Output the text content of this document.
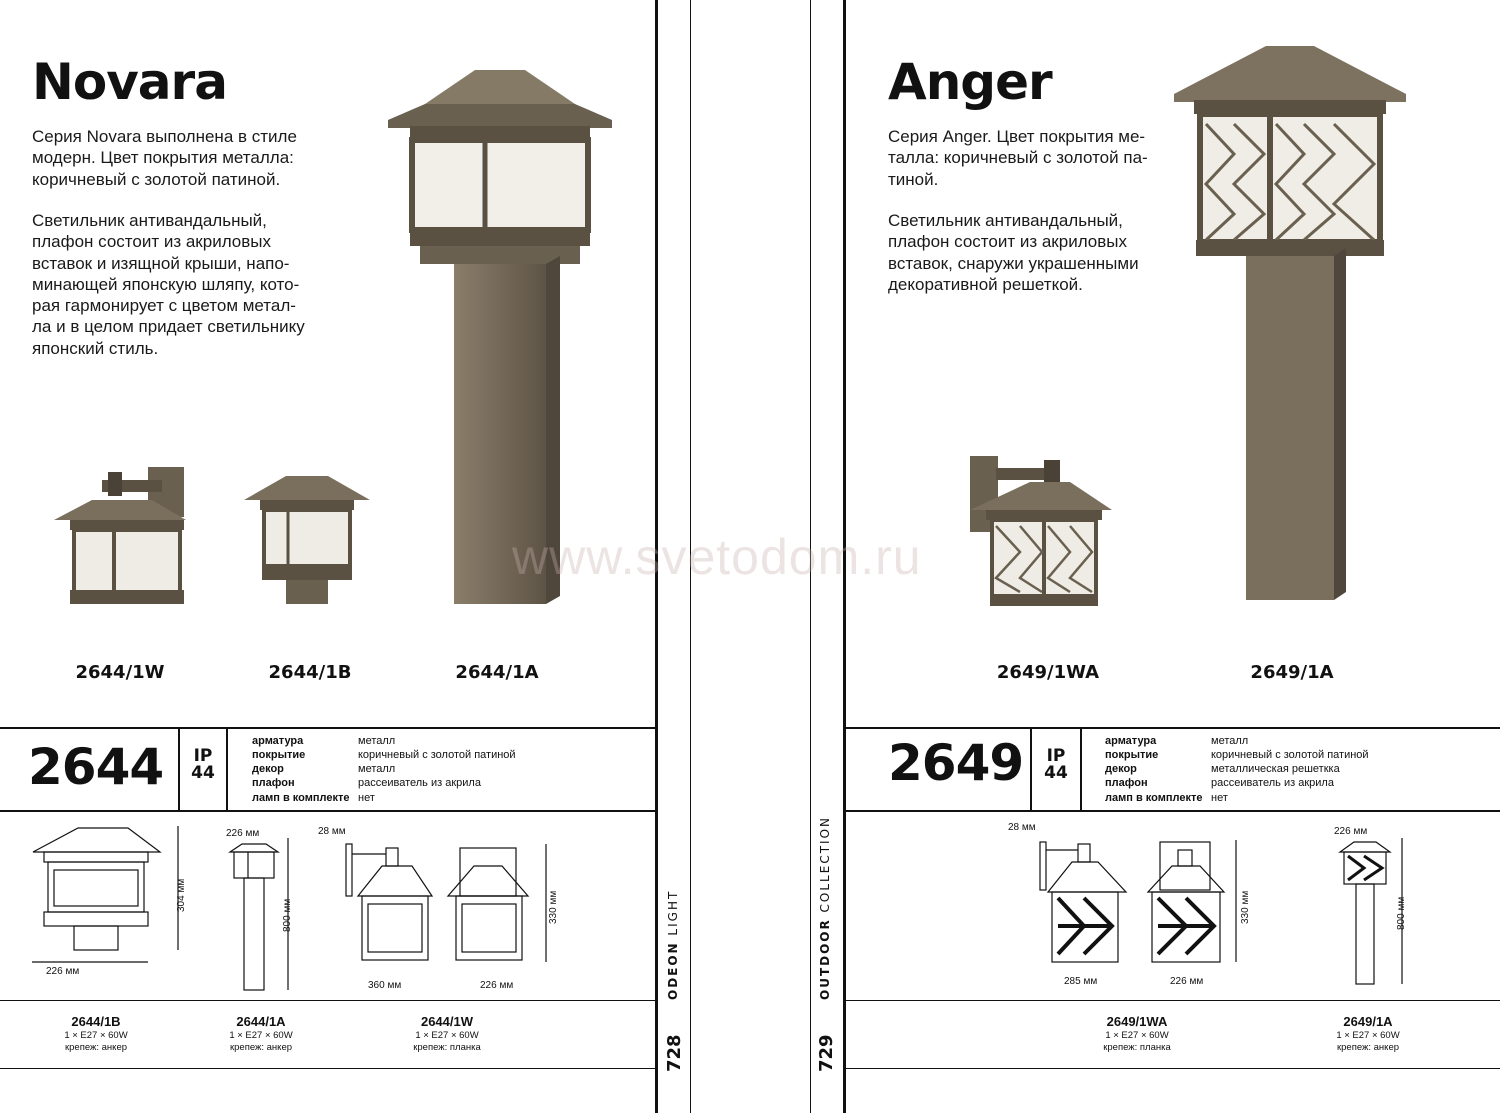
Novara
Серия Novara выполнена в стиле
модерн. Цвет покрытия металла:
коричневый с золотой патиной.
Светильник антивандальный,
плафон состоит из акриловых
вставок и изящной крыши, напо-
минающей японскую шляпу, кото-
рая гармонирует с цветом метал-
ла и в целом придает светильнику
японский стиль.
2644/1W	2644/1B	2644/1A
2644	IP
44
арматура	металл
покрытие	коричневый с золотой патиной
декор	металл
плафон	рассеиватель из акрила
ламп в комплекте нет
226 мм
304 мм
226 мм
800 мм
28 мм
360 мм	226 мм
330 мм
2644/1B
1 × E27 × 60W
крепеж: анкер
2644/1A
1 × E27 × 60W
крепеж: анкер
2644/1W
1 × E27 × 60W
крепеж: планка
ODEON LIGHT
728
OUTDOOR COLLECTION
729
Anger
Серия Anger. Цвет покрытия ме-
талла: коричневый с золотой па-
тиной.
Светильник антивандальный,
плафон состоит из акриловых
вставок, снаружи украшенными
декоративной решеткой.
2649/1WA	2649/1A
2649	IP
44
арматура	металл
покрытие	коричневый с золотой патиной
декор	металлическая решеткка
плафон	рассеиватель из акрила
ламп в комплекте нет
28 мм
285 мм	226 мм
330 мм
226 мм
800 мм
2649/1WA
1 × E27 × 60W
крепеж: планка
2649/1A
1 × E27 × 60W
крепеж: анкер
www.svetodom.ru
